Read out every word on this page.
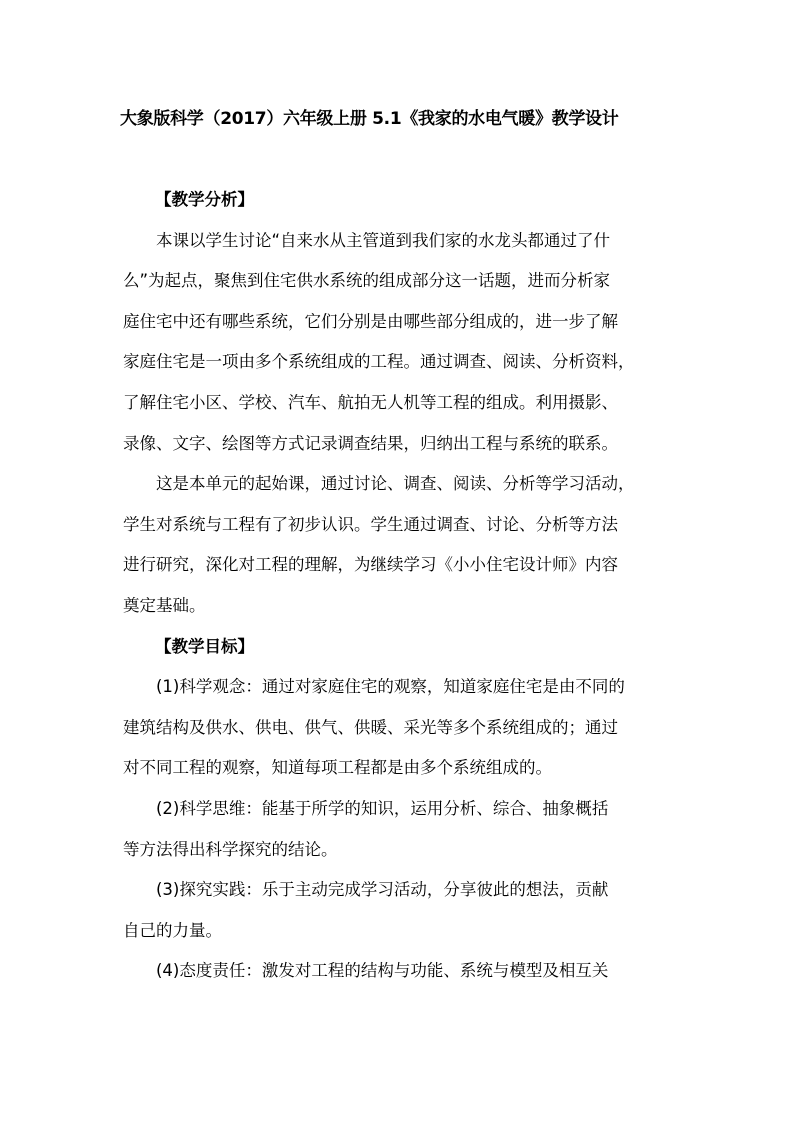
大象版科学（2017）六年级上册 5.1《我家的水电气暖》教学设计
【教学分析】
本课以学生讨论“自来水从主管道到我们家的水龙头都通过了什
么”为起点，聚焦到住宅供水系统的组成部分这一话题，进而分析家
庭住宅中还有哪些系统，它们分别是由哪些部分组成的，进一步了解
家庭住宅是一项由多个系统组成的工程。通过调查、阅读、分析资料，
了解住宅小区、学校、汽车、航拍无人机等工程的组成。利用摄影、
录像、文字、绘图等方式记录调查结果，归纳出工程与系统的联系。
这是本单元的起始课，通过讨论、调查、阅读、分析等学习活动，
学生对系统与工程有了初步认识。学生通过调查、讨论、分析等方法
进行研究，深化对工程的理解，为继续学习《小小住宅设计师》内容
奠定基础。
【教学目标】
(1)科学观念：通过对家庭住宅的观察，知道家庭住宅是由不同的
建筑结构及供水、供电、供气、供暖、采光等多个系统组成的；通过
对不同工程的观察，知道每项工程都是由多个系统组成的。
(2)科学思维：能基于所学的知识，运用分析、综合、抽象概括
等方法得出科学探究的结论。
(3)探究实践：乐于主动完成学习活动，分享彼此的想法，贡献
自己的力量。
(4)态度责任：激发对工程的结构与功能、系统与模型及相互关
